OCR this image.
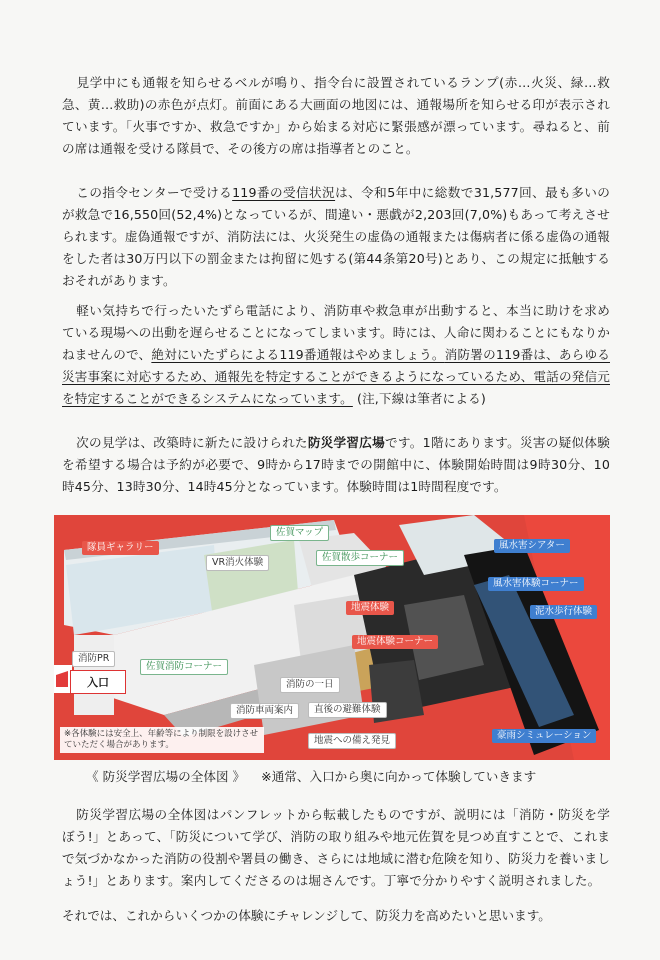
見学中にも通報を知らせるベルが鳴り、指令台に設置されているランプ(赤…火災、緑…救急、黄…救助)の赤色が点灯。前面にある大画面の地図には、通報場所を知らせる印が表示されています。「火事ですか、救急ですか」から始まる対応に緊張感が漂っています。尋ねると、前の席は通報を受ける隊員で、その後方の席は指導者とのこと。

この指令センターで受ける119番の受信状況は、令和5年中に総数で31,577回、最も多いのが救急で16,550回(52,4%)となっているが、間違い・悪戯が2,203回(7,0%)もあって考えさせられます。虚偽通報ですが、消防法には、火災発生の虚偽の通報または傷病者に係る虚偽の通報をした者は30万円以下の罰金または拘留に処する(第44条第20号)とあり、この規定に抵触するおそれがあります。

軽い気持ちで行ったいたずら電話により、消防車や救急車が出動すると、本当に助けを求めている現場への出動を遅らせることになってしまいます。時には、人命に関わることにもなりかねませんので、絶対にいたずらによる119番通報はやめましょう。消防署の119番は、あらゆる災害事案に対応するため、通報先を特定することができるようになっているため、電話の発信元を特定することができるシステムになっています。 (注,下線は筆者による)

次の見学は、改築時に新たに設けられた防災学習広場です。1階にあります。災害の疑似体験を希望する場合は予約が必要で、9時から17時までの開館中に、体験開始時間は9時30分、10時45分、13時30分、14時45分となっています。体験時間は1時間程度です。

隊員ギャラリー
VR消火体験
佐賀マップ
佐賀散歩コーナー
風水害シアター
風水害体験コーナー
泥水歩行体験
地震体験
地震体験コーナー
消防PR
佐賀消防コーナー
消防の一日
消防車両案内	直後の避難体験
地震への備え発見	豪雨シミュレーション
入口
※各体験には安全上、年齢等により制限を設けさせていただく場合があります。
《 防災学習広場の全体図 》 ※通常、入口から奥に向かって体験していきます

防災学習広場の全体図はパンフレットから転載したものですが、説明には「消防・防災を学ぼう!」とあって、「防災について学び、消防の取り組みや地元佐賀を見つめ直すことで、これまで気づかなかった消防の役割や署員の働き、さらには地域に潜む危険を知り、防災力を養いましょう!」とあります。案内してくださるのは堀さんです。丁寧で分かりやすく説明されました。

それでは、これからいくつかの体験にチャレンジして、防災力を高めたいと思います。
